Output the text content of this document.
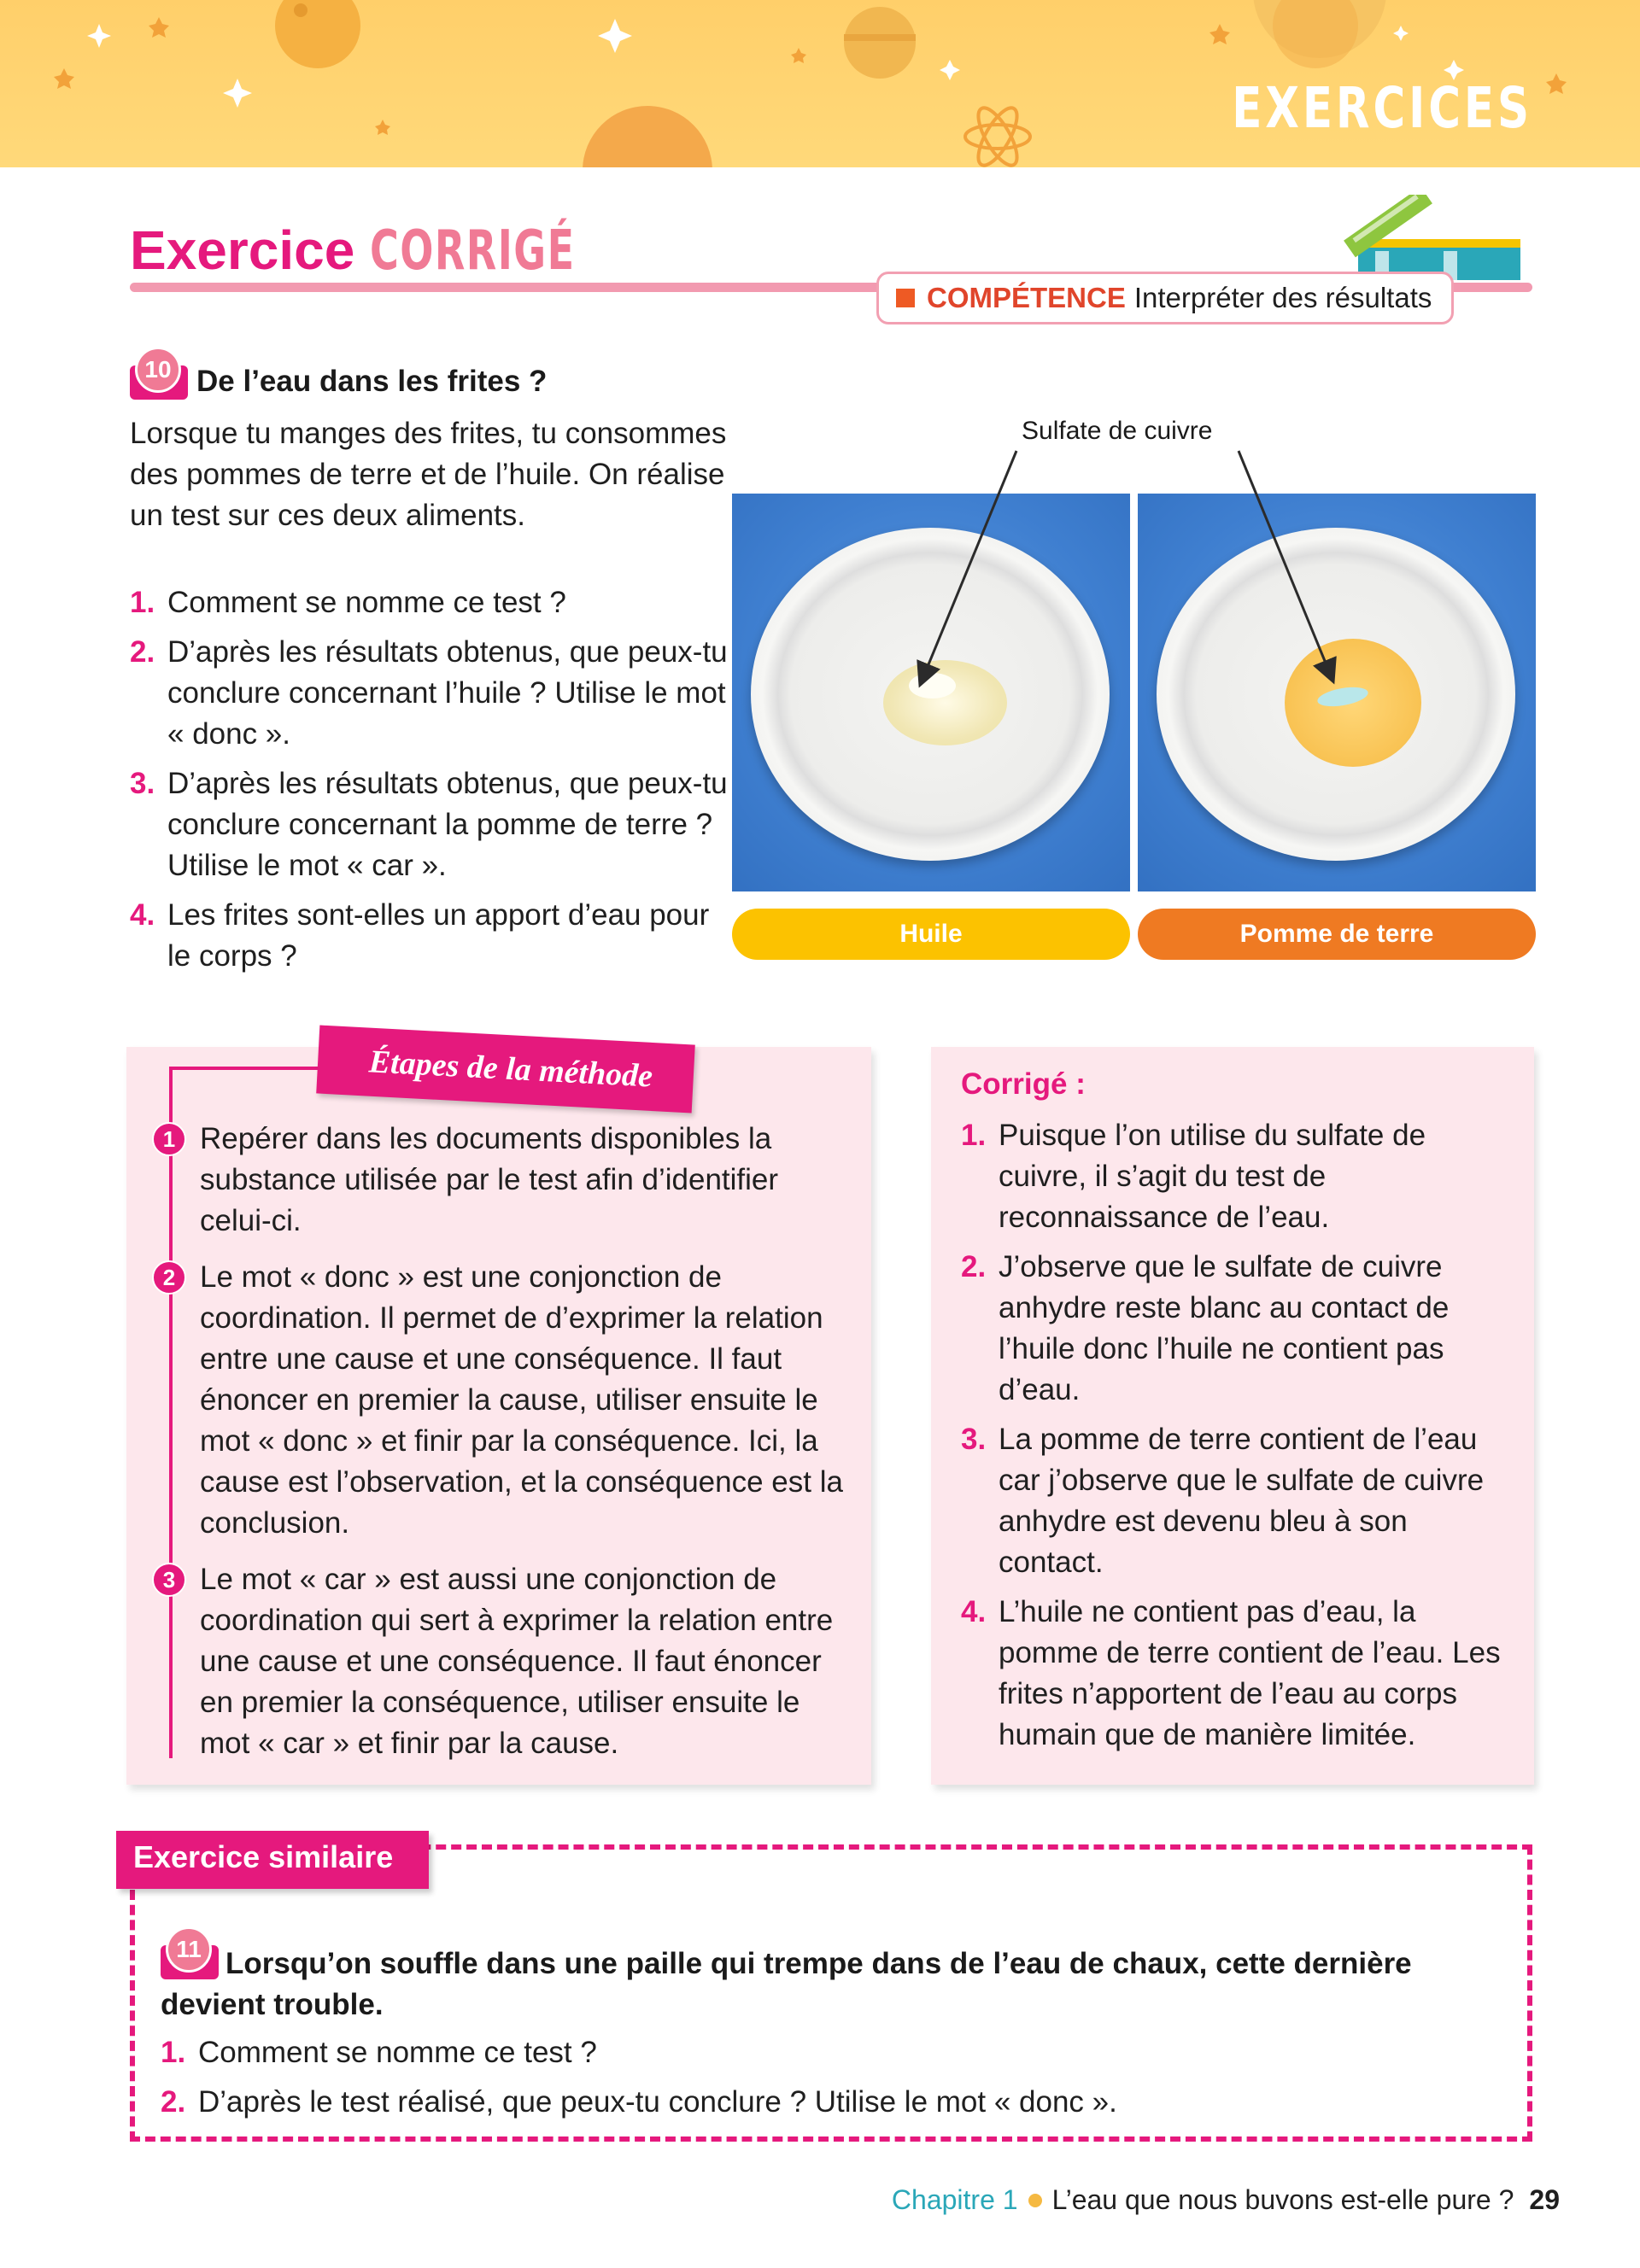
EXERCICES
Exercice CORRIGÉ
COMPÉTENCE Interpréter des résultats
10 De l’eau dans les frites ?
Lorsque tu manges des frites, tu consommes des pommes de terre et de l’huile. On réalise un test sur ces deux aliments.
1. Comment se nomme ce test ?
2. D’après les résultats obtenus, que peux-tu conclure concernant l’huile ? Utilise le mot « donc ».
3. D’après les résultats obtenus, que peux-tu conclure concernant la pomme de terre ? Utilise le mot « car ».
4. Les frites sont-elles un apport d’eau pour le corps ?
Sulfate de cuivre
Huile	Pomme de terre
Étapes de la méthode
1 Repérer dans les documents disponibles la substance utilisée par le test afin d’identifier celui-ci.
2 Le mot « donc » est une conjonction de coordination. Il permet de d’exprimer la relation entre une cause et une conséquence. Il faut énoncer en premier la cause, utiliser ensuite le mot « donc » et finir par la conséquence. Ici, la cause est l’observation, et la conséquence est la conclusion.
3 Le mot « car » est aussi une conjonction de coordination qui sert à exprimer la relation entre une cause et une conséquence. Il faut énoncer en premier la conséquence, utiliser ensuite le mot « car » et finir par la cause.
Corrigé :
1. Puisque l’on utilise du sulfate de cuivre, il s’agit du test de reconnaissance de l’eau.
2. J’observe que le sulfate de cuivre anhydre reste blanc au contact de l’huile donc l’huile ne contient pas d’eau.
3. La pomme de terre contient de l’eau car j’observe que le sulfate de cuivre anhydre est devenu bleu à son contact.
4. L’huile ne contient pas d’eau, la pomme de terre contient de l’eau. Les frites n’apportent de l’eau au corps humain que de manière limitée.
Exercice similaire
Lorsqu’on souffle dans une paille qui trempe dans de l’eau de chaux, cette dernière devient trouble.
11
1. Comment se nomme ce test ?
2. D’après le test réalisé, que peux-tu conclure ? Utilise le mot « donc ».
Chapitre 1 L’eau que nous buvons est-elle pure ? 29
